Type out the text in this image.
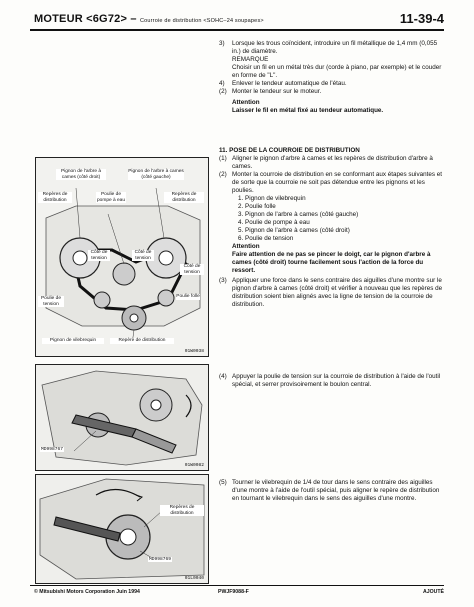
MOTEUR <6G72> – Courroie de distribution <SOHC–24 soupapes>	11-39-4
3)	Lorsque les trous coïncident, introduire un fil métallique de 1,4 mm (0,055 in.) de diamètre.
REMARQUE
Choisir un fil en un métal très dur (corde à piano, par exemple) et le couder en forme de "L".
4)	Enlever le tendeur automatique de l'étau.
(2) Monter le tendeur sur le moteur.
Attention
Laisser le fil en métal fixé au tendeur automatique.

11. POSE DE LA COURROIE DE DISTRIBUTION

(1) Aligner le pignon d'arbre à cames et les repères de distribution d'arbre à cames.
(2) Monter la courroie de distribution en se conformant aux étapes suivantes et de sorte que la courroie ne soit pas détendue entre les pignons et les poulies.
1. Pignon de vilebrequin
2. Poulie folle
3. Pignon de l'arbre à cames (côté gauche)
4. Poulie de pompe à eau
5. Pignon de l'arbre à cames (côté droit)
6. Poulie de tension
Attention
Faire attention de ne pas se pincer le doigt, car le pignon d'arbre à cames (côté droit) tourne facilement sous l'action de la force du ressort.
(3) Appliquer une force dans le sens contraire des aiguilles d'une montre sur le pignon d'arbre à cames (côté droit) et vérifier à nouveau que les repères de distribution soient bien alignés avec la ligne de tension de la courroie de distribution.
(4) Appuyer la poulie de tension sur la courroie de distribution à l'aide de l'outil spécial, et serrer provisoirement le boulon central.
(5) Tourner le vilebrequin de 1/4 de tour dans le sens contraire des aiguilles d'une montre à l'aide de l'outil spécial, puis aligner le repère de distribution en tournant le vilebrequin dans le sens des aiguilles d'une montre.
Pignon de l'arbre à cames (côté droit)
Pignon de l'arbre à cames (côté gauche)
Repères de distribution
Poulie de pompe à eau
Repères de distribution
Côté de tension
Côté de tension
Côté de tension
Poulie folle
Poulie de tension
Pignon de vilebrequin	Repère de distribution
01W0038
MD998767
01W0082
Repères de distribution
MD998769
01L0040
© Mitsubishi Motors Corporation Juin 1994	PWJF9088-F	AJOUTÉ
